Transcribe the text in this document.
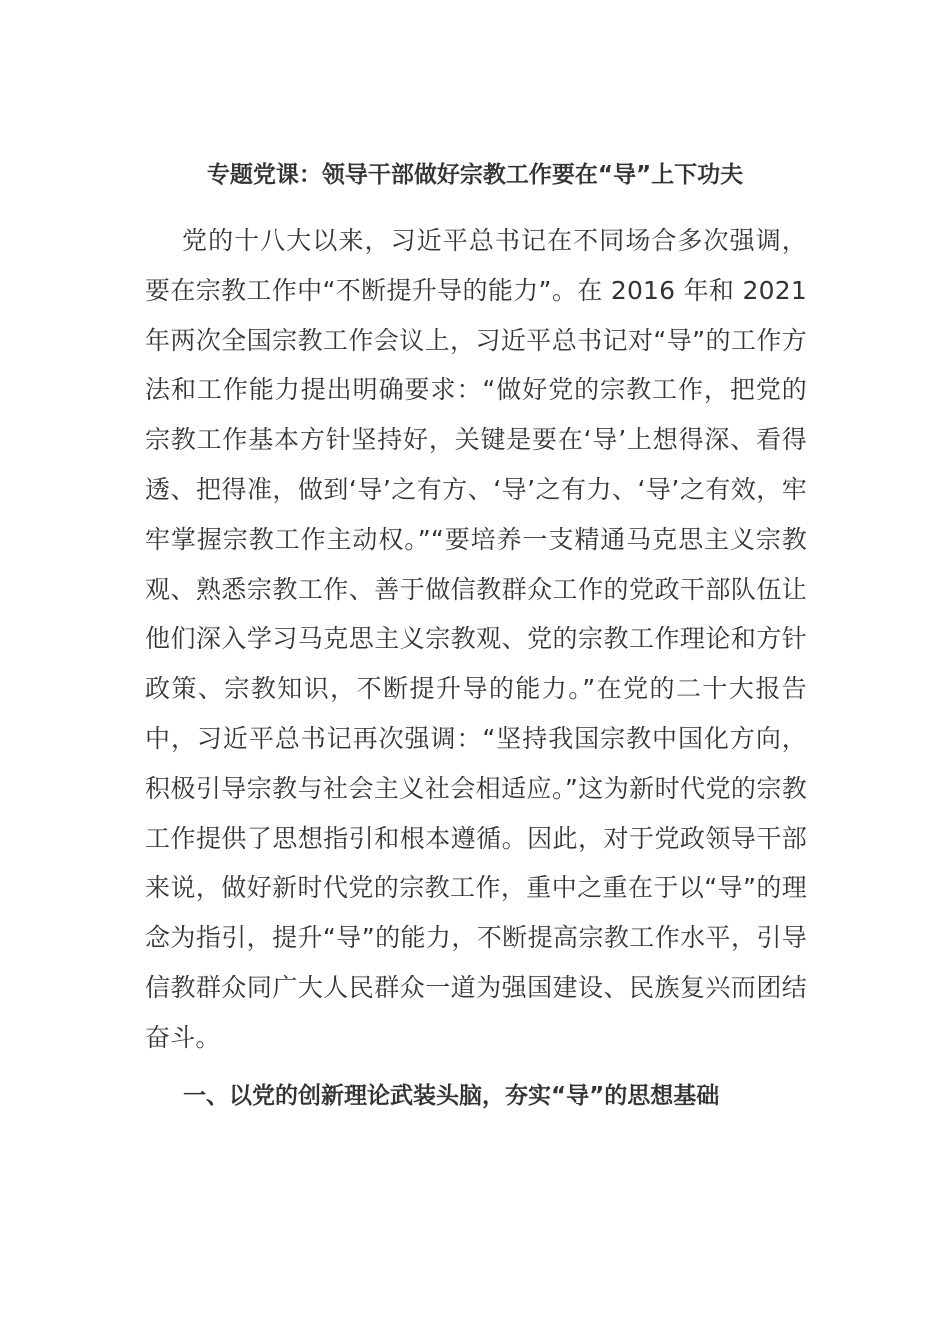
专题党课：领导干部做好宗教工作要在“导”上下功夫

党的十八大以来，习近平总书记在不同场合多次强调，要在宗教工作中“不断提升导的能力”。在 2016 年和 2021 年两次全国宗教工作会议上，习近平总书记对“导”的工作方法和工作能力提出明确要求：“做好党的宗教工作，把党的宗教工作基本方针坚持好，关键是要在‘导’上想得深、看得透、把得准，做到‘导’之有方、‘导’之有力、‘导’之有效，牢牢掌握宗教工作主动权。”“要培养一支精通马克思主义宗教观、熟悉宗教工作、善于做信教群众工作的党政干部队伍让他们深入学习马克思主义宗教观、党的宗教工作理论和方针政策、宗教知识，不断提升导的能力。”在党的二十大报告中，习近平总书记再次强调：“坚持我国宗教中国化方向，积极引导宗教与社会主义社会相适应。”这为新时代党的宗教工作提供了思想指引和根本遵循。因此，对于党政领导干部来说，做好新时代党的宗教工作，重中之重在于以“导”的理念为指引，提升“导”的能力，不断提高宗教工作水平，引导信教群众同广大人民群众一道为强国建设、民族复兴而团结奋斗。

一、以党的创新理论武装头脑，夯实“导”的思想基础
